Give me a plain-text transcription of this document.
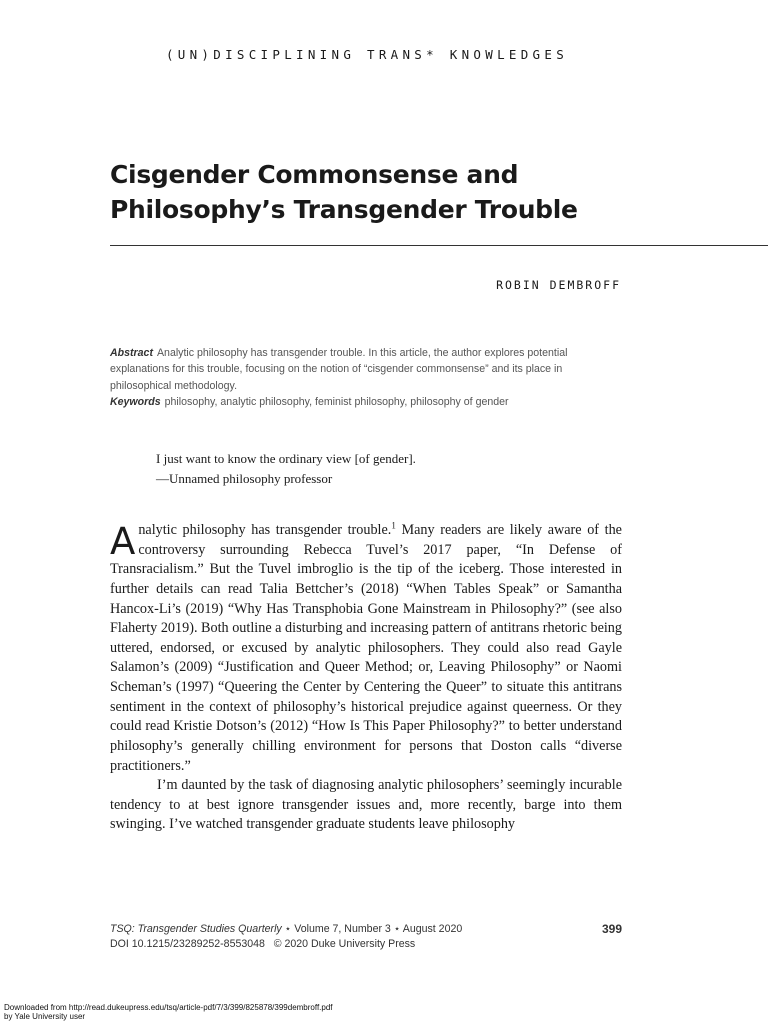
(UN)DISCIPLINING TRANS* KNOWLEDGES
Cisgender Commonsense and
Philosophy’s Transgender Trouble
ROBIN DEMBROFF

Abstract Analytic philosophy has transgender trouble. In this article, the author explores potential explanations for this trouble, focusing on the notion of “cisgender commonsense” and its place in philosophical methodology.

Keywords philosophy, analytic philosophy, feminist philosophy, philosophy of gender

I just want to know the ordinary view [of gender].
—Unnamed philosophy professor

Analytic philosophy has transgender trouble.$^1$ Many readers are likely aware of the controversy surrounding Rebecca Tuvel’s 2017 paper, “In Defense of Transracialism.” But the Tuvel imbroglio is the tip of the iceberg. Those interested in further details can read Talia Bettcher’s (2018) “When Tables Speak” or Samantha Hancox-Li’s (2019) “Why Has Transphobia Gone Mainstream in Philosophy?” (see also Flaherty 2019). Both outline a disturbing and increasing pattern of antitrans rhetoric being uttered, endorsed, or excused by analytic philosophers. They could also read Gayle Salamon’s (2009) “Justification and Queer Method; or, Leaving Philosophy” or Naomi Scheman’s (1997) “Queering the Center by Centering the Queer” to situate this antitrans sentiment in the context of philosophy’s historical prejudice against queerness. Or they could read Kristie Dotson’s (2012) “How Is This Paper Philosophy?” to better understand philosophy’s generally chilling environment for persons that Doston calls “diverse practitioners.”

I’m daunted by the task of diagnosing analytic philosophers’ seemingly incurable tendency to at best ignore transgender issues and, more recently, barge into them swinging. I’ve watched transgender graduate students leave philosophy

TSQ: Transgender Studies Quarterly ⋆ Volume 7, Number 3 ⋆ August 2020
DOI 10.1215/23289252-8553048   © 2020 Duke University Press
399
Downloaded from http://read.dukeupress.edu/tsq/article-pdf/7/3/399/825878/399dembroff.pdf
by Yale University user
